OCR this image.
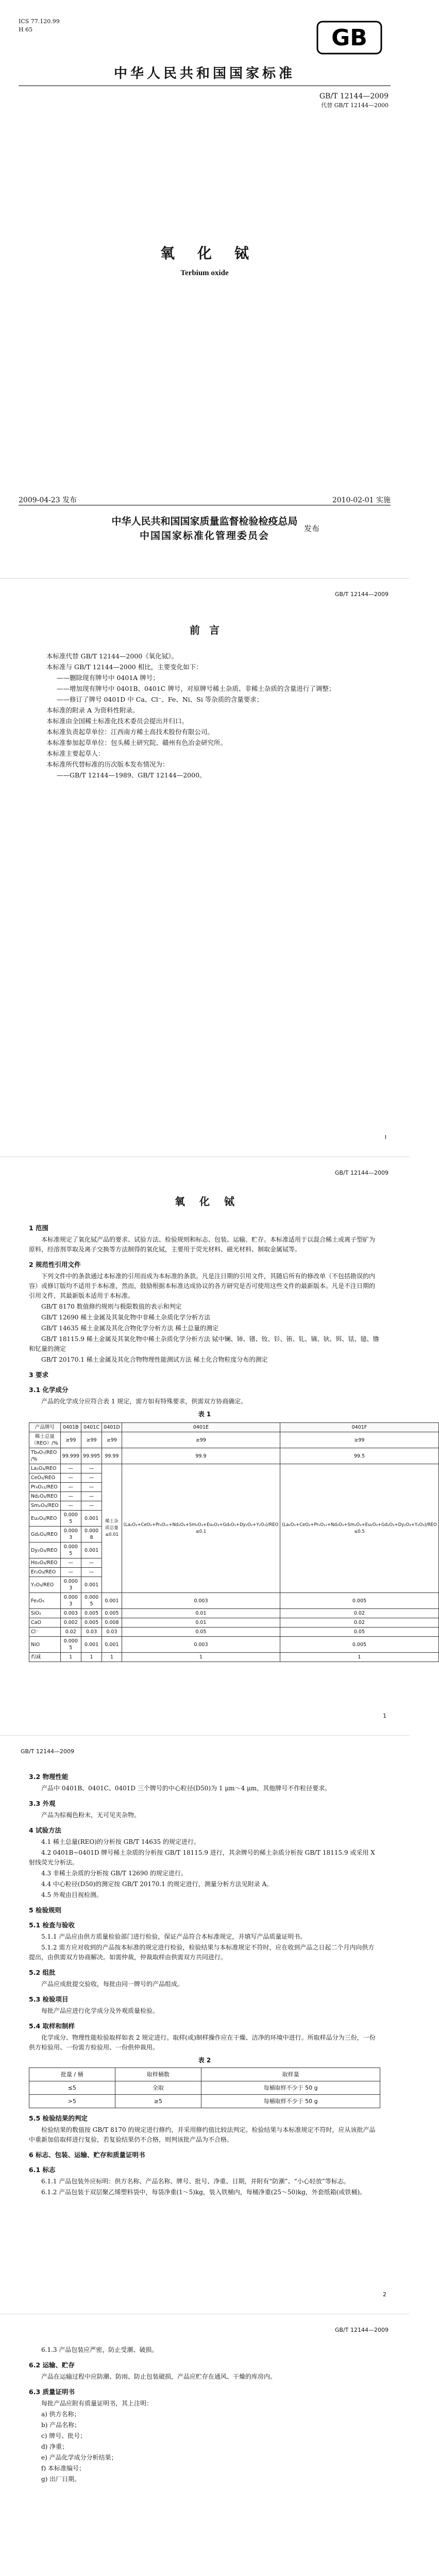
ICS 77.120.99
H 65	GB
中华人民共和国国家标准
GB/T 12144—2009
代替 GB/T 12144—2000
氧化铽
Terbium oxide
2009-04-23 发布	2010-02-01 实施
中华人民共和国国家质量监督检验检疫总局
中国国家标准化管理委员会
发布
GB/T 12144—2009
前言

本标准代替 GB/T 12144—2000《氧化铽》。

本标准与 GB/T 12144—2000 相比，主要变化如下：

——删除现有牌号中 0401A 牌号；

——增加现有牌号中 0401B、0401C 牌号，对原牌号稀土杂质、非稀土杂质的含量进行了调整；

——修订了牌号 0401D 中 Ca、Cl⁻、Fe、Ni、Si 等杂质的含量要求；

本标准的附录 A 为资料性附录。

本标准由全国稀土标准化技术委员会提出并归口。

本标准负责起草单位：江西南方稀土高技术股份有限公司。

本标准参加起草单位：包头稀土研究院、赣州有色冶金研究所。

本标准主要起草人：

本标准所代替标准的历次版本发布情况为：

——GB/T 12144—1989、GB/T 12144—2000。

I
GB/T 12144—2009
氧化铽
1 范围

本标准规定了氧化铽产品的要求、试验方法、检验规则和标志、包装、运输、贮存。本标准适用于以混合稀土或离子型矿为原料，经溶剂萃取及离子交换等方法制得的氧化铽，主要用于荧光材料、磁光材料、制取金属铽等。

2 规范性引用文件

下列文件中的条款通过本标准的引用而成为本标准的条款。凡是注日期的引用文件，其随后所有的修改单（不包括勘误的内容）或修订版均不适用于本标准，然而，鼓励根据本标准达成协议的各方研究是否可使用这些文件的最新版本。凡是不注日期的引用文件，其最新版本适用于本标准。

GB/T 8170 数值修约规则与极限数值的表示和判定

GB/T 12690 稀土金属及其氧化物中非稀土杂质化学分析方法

GB/T 14635 稀土金属及其化合物化学分析方法 稀土总量的测定

GB/T 18115.9 稀土金属及其氧化物中稀土杂质化学分析方法 铽中镧、铈、镨、钕、钐、铕、钆、镝、钬、铒、铥、镱、镥和钇量的测定

GB/T 20170.1 稀土金属及其化合物物理性能测试方法 稀土化合物粒度分布的测定

3 要求
3.1 化学成分

产品的化学成分应符合表 1 规定，需方如有特殊要求，供需双方协商确定。

表 1
产品牌号	0401B	0401C	0401D	0401E	0401F
稀土总量（REO）/%	≥99	≥99	≥99	≥99	≥99
Tb₄O₇/REO /%	99.999	99.995	99.99	99.9	99.5
La₂O₃/REO	—	—	稀土杂质总量 ≤0.01	(La₂O₃+CeO₂+Pr₆O₁₁+Nd₂O₃+Sm₂O₃+Eu₂O₃+Gd₂O₃+Dy₂O₃+Y₂O₃)/REO ≤0.1	(La₂O₃+CeO₂+Pr₆O₁₁+Nd₂O₃+Sm₂O₃+Eu₂O₃+Gd₂O₃+Dy₂O₃+Y₂O₃)/REO ≤0.5
CeO₂/REO	—	—			
Pr₆O₁₁/REO	—	—			
Nd₂O₃/REO	—	—			
Sm₂O₃/REO	—	—			
Eu₂O₃/REO	0.000 5	0.001			
Gd₂O₃/REO	0.000 3	0.000 8			
Dy₂O₃/REO	0.000 5	0.001			
Ho₂O₃/REO	—	—			
Er₂O₃/REO	—	—			
Y₂O₃/REO	0.000 3	0.001			
Fe₂O₃	0.000 3	0.000 5	0.001	0.003	0.005
SiO₂	0.003	0.005	0.005	0.01	0.02
CaO	0.002	0.005	0.008	0.01	0.02
Cl⁻	0.02	0.03	0.03	0.05	0.05
NiO	0.000 5	0.001	0.001	0.003	0.005
灼减	1	1	1	1	1
1
GB/T 12144—2009
3.2 物理性能

产品中 0401B、0401C、0401D 三个牌号的中心粒径(D50)为 1 μm～4 μm，其他牌号不作粒径要求。

3.3 外观

产品为棕褐色粉末，无可见夹杂物。

4 试验方法

4.1 稀土总量(REO)的分析按 GB/T 14635 的规定进行。

4.2 0401B~0401D 牌号稀土杂质的分析按 GB/T 18115.9 进行，其余牌号的稀土杂质分析按 GB/T 18115.9 或采用 X 射线荧光分析法。

4.3 非稀土杂质的分析按 GB/T 12690 的规定进行。

4.4 中心粒径(D50)的测定按 GB/T 20170.1 的规定进行，测量分析方法见附录 A。

4.5 外观由目视检测。

5 检验规则
5.1 检查与验收

5.1.1 产品应由供方质量检验部门进行检验，保证产品符合本标准规定，并填写产品质量证明书。

5.1.2 需方应对收到的产品按本标准的规定进行检验，检验结果与本标准规定不符时，应在收到产品之日起二个月内向供方提出，由供需双方协商解决。如需仲裁，仲裁取样由供需双方共同进行。

5.2 组批

产品应成批提交验收，每批由同一牌号的产品组成。

5.3 检验项目

每批产品应进行化学成分及外观质量检验。

5.4 取样和制样

化学成分、物理性能检验取样如表 2 规定进行。取样(或)制样操作应在干燥、洁净的环境中进行。所取样品分为三份，一份供方检验用、一份需方检验用、一份供仲裁用。

表 2
批量 / 桶	取样桶数	取样量
≤5	全取	每桶取样不少于 50 g
>5	≥5	每桶取样不少于 50 g
5.5 检验结果的判定

检验结果的数值按 GB/T 8170 的规定进行修约，并采用修约值比较法判定。检验结果与本标准规定不符时，应从该批产品中重新加倍取样进行复验，若复验结果仍不合格，则判该批产品为不合格。

6 标志、包装、运输、贮存和质量证明书
6.1 标志

6.1.1 产品包装外应标明：供方名称、产品名称、牌号、批号、净重、日期，并附有“防潮”、“小心轻放”等标志。

6.1.2 产品包装于双层聚乙烯塑料袋中，每袋净重(1～5)kg，装入铁桶内，每桶净重(25～50)kg，外套纸箱(或铁桶)。

2
GB/T 12144—2009

6.1.3 产品包装应严密，防止受潮、破损。

6.2 运输、贮存

产品在运输过程中应防潮、防雨、防止包装破损，产品应贮存在通风、干燥的库房内。

6.3 质量证明书

每批产品应附有质量证明书，其上注明：

a) 供方名称；

b) 产品名称；

c) 牌号、批号；

d) 净重；

e) 产品化学成分分析结果；

f) 本标准编号；

g) 出厂日期。
